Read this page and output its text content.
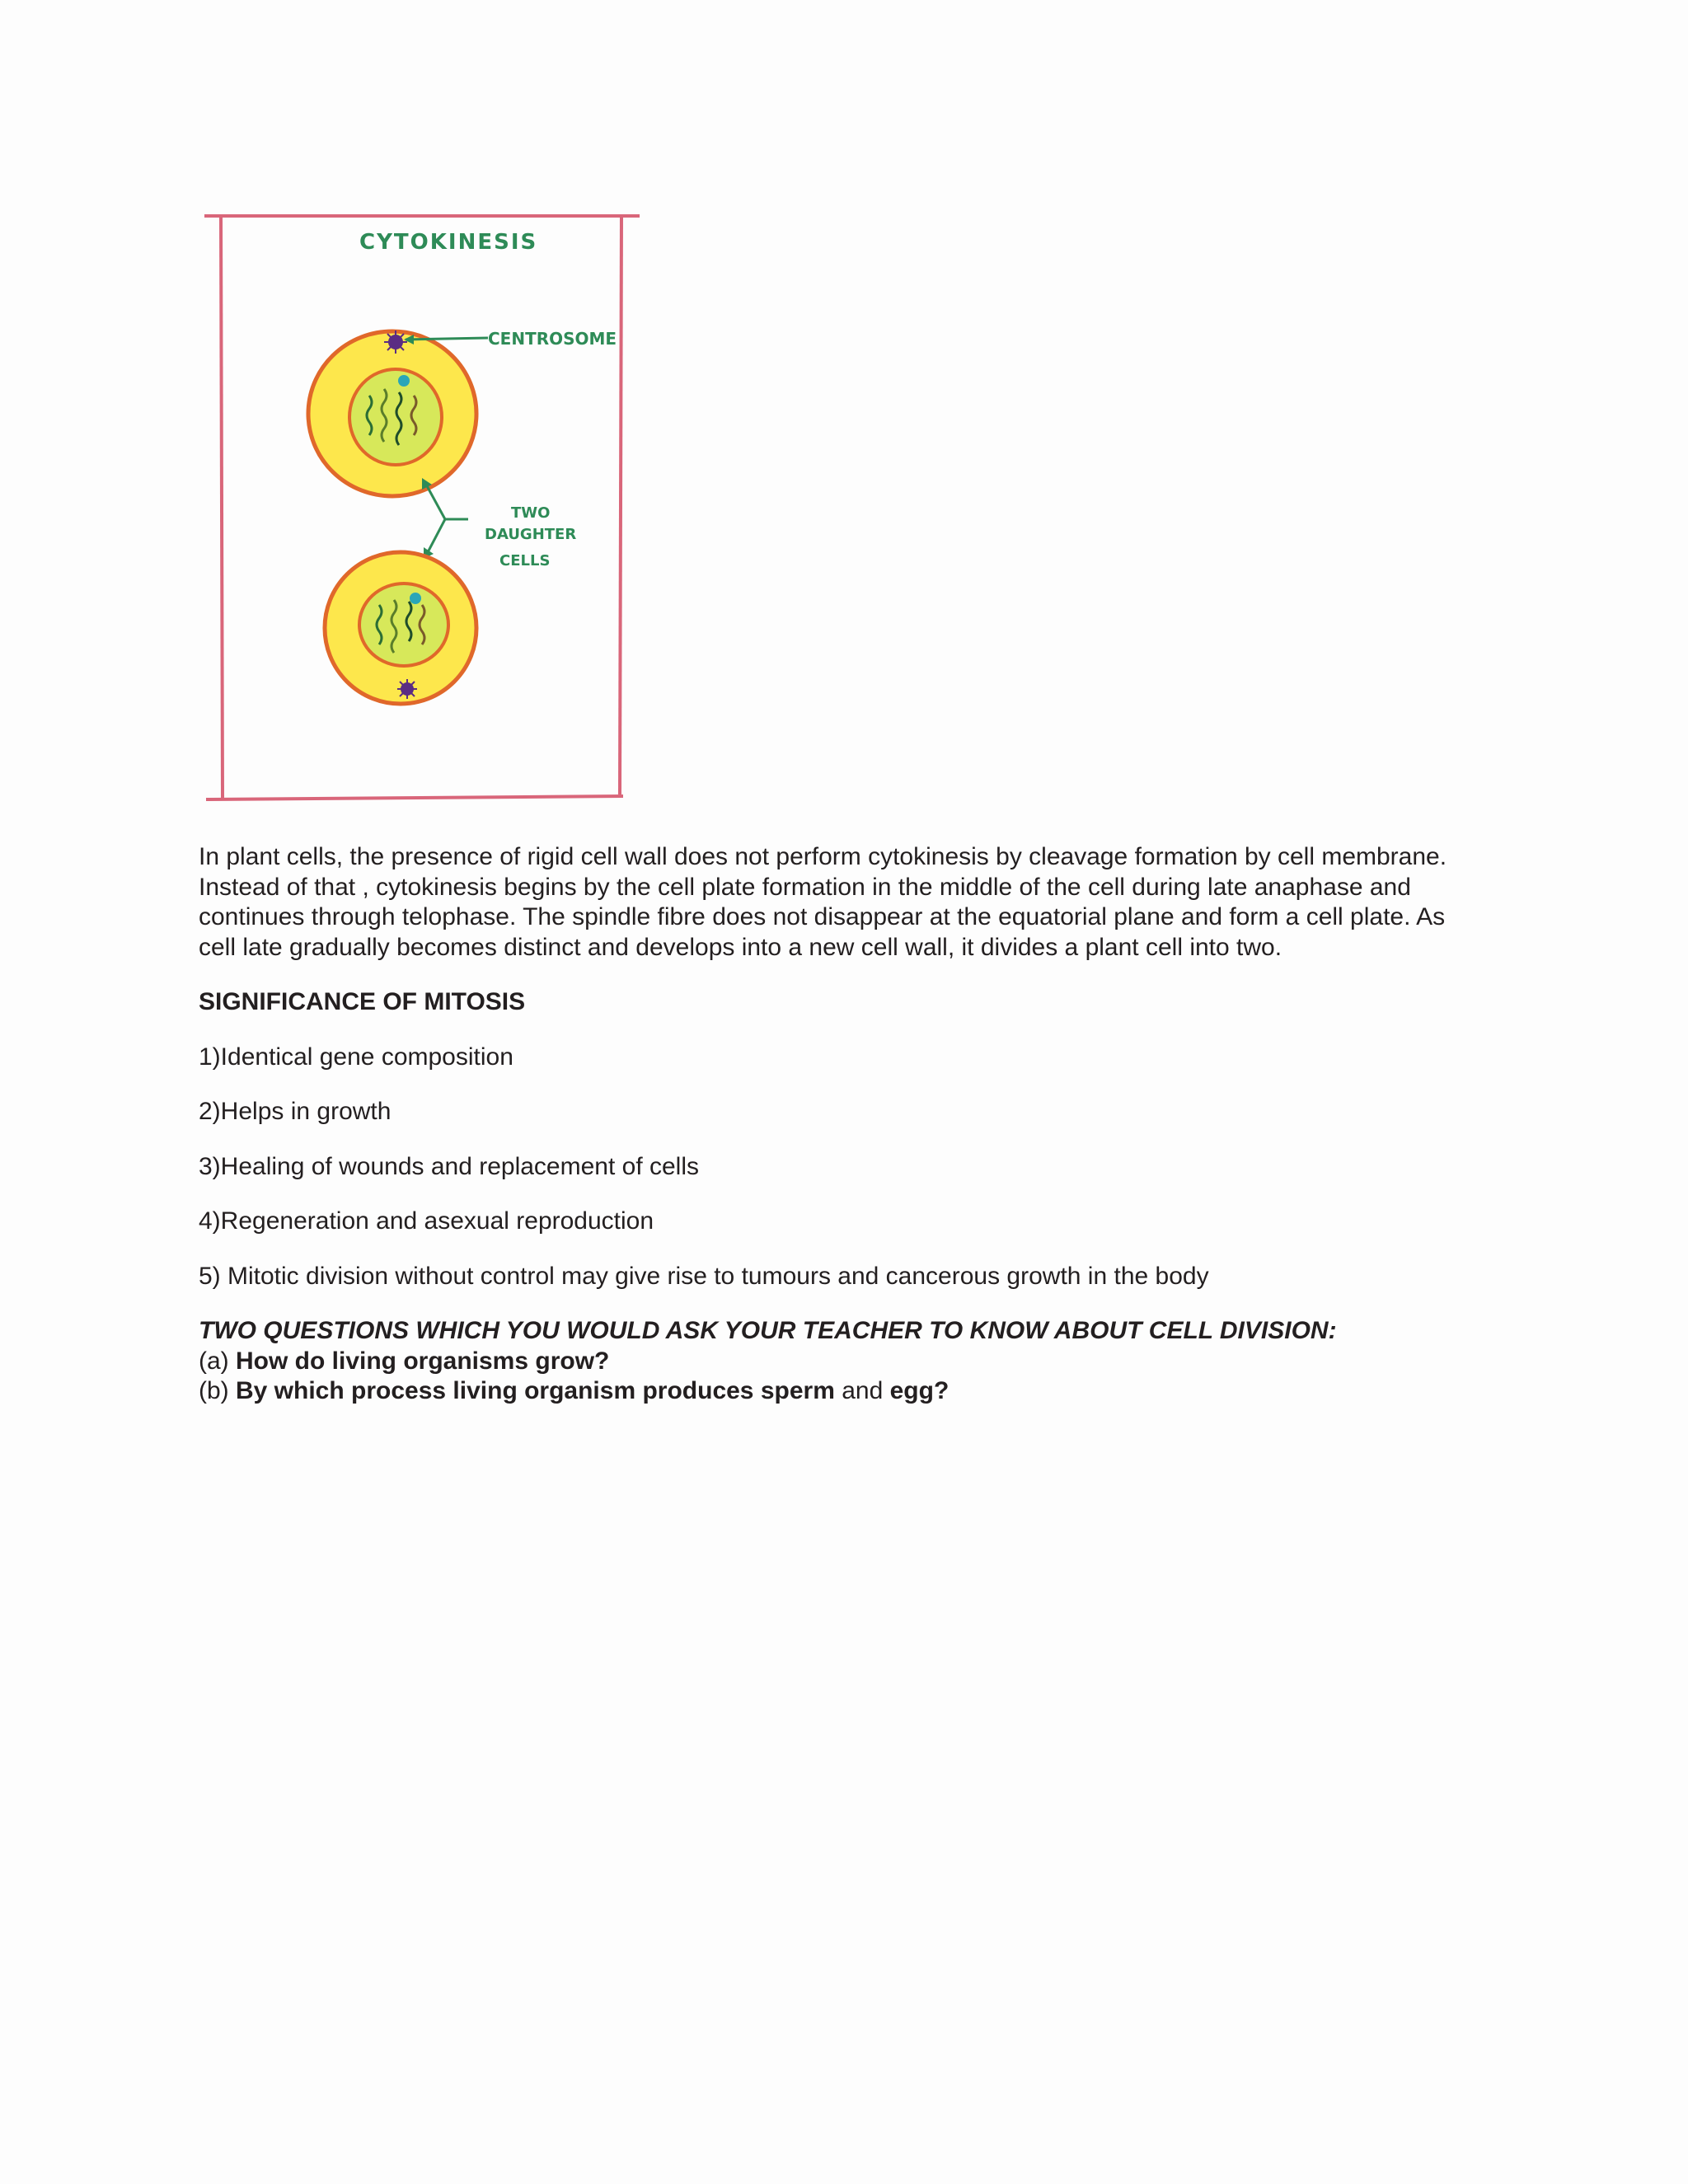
CYTOKINESIS
CENTROSOME
TWO
DAUGHTER
CELLS

In plant cells, the presence of rigid cell wall does not perform cytokinesis by cleavage formation by cell membrane. Instead of that , cytokinesis begins by the cell plate formation in the middle of the cell during late anaphase and continues through telophase. The spindle fibre does not disappear at the equatorial plane and form a cell plate. As cell late gradually becomes distinct and develops into a new cell wall, it divides a plant cell into two.

SIGNIFICANCE OF MITOSIS

1)Identical gene composition

2)Helps in growth

3)Healing of wounds and replacement of cells

4)Regeneration and asexual reproduction

5) Mitotic division without control may give rise to tumours and cancerous growth in the body

TWO QUESTIONS WHICH YOU WOULD ASK YOUR TEACHER TO KNOW ABOUT CELL DIVISION:

(a) How do living organisms grow?

(b) By which process living organism produces sperm and egg?
